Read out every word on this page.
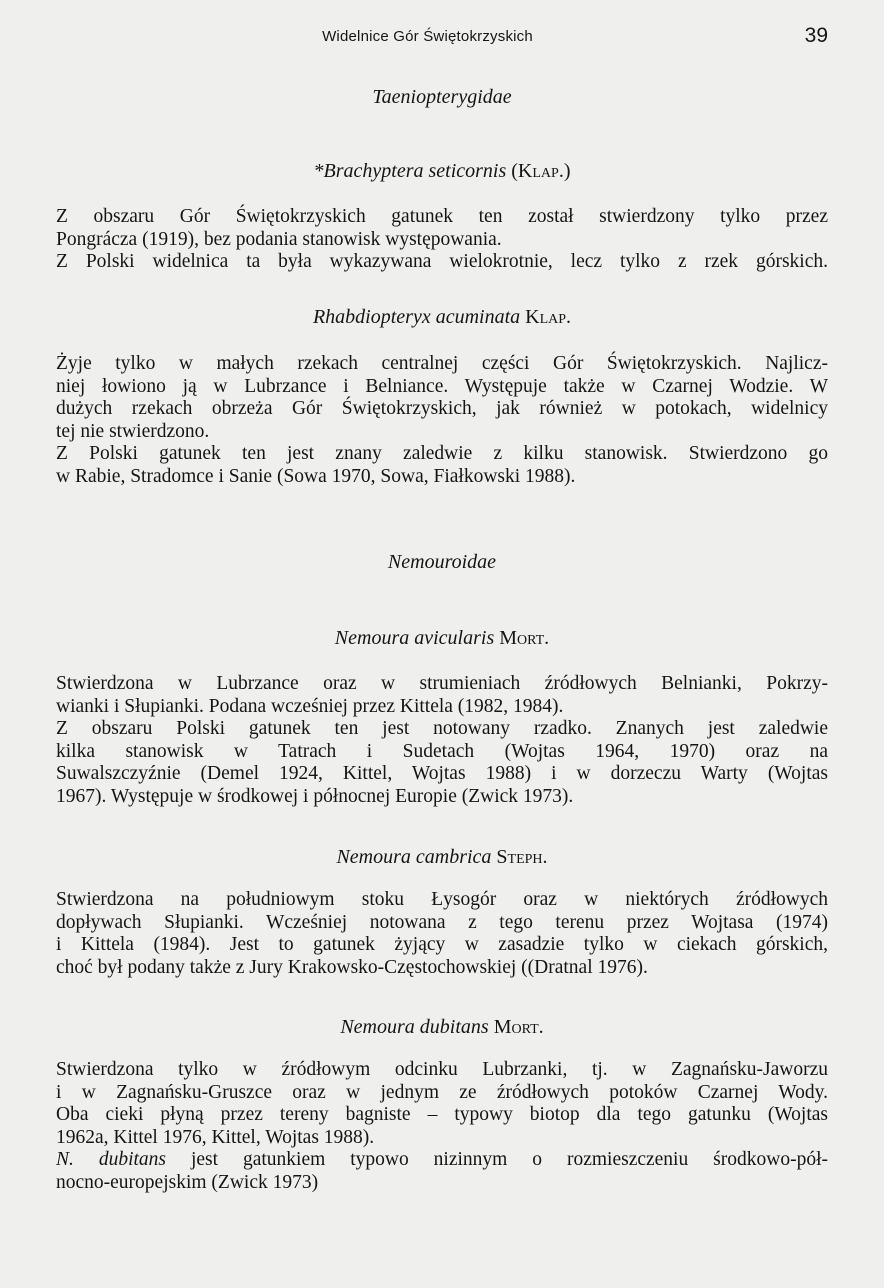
Widelnice Gór Świętokrzyskich	39
Taeniopterygidae
*Brachyptera seticornis (Klap.)
Z obszaru Gór Świętokrzyskich gatunek ten został stwierdzony tylko przez
Pongrácza (1919), bez podania stanowisk występowania.
Z Polski widelnica ta była wykazywana wielokrotnie, lecz tylko z rzek górskich.
Rhabdiopteryx acuminata Klap.
Żyje tylko w małych rzekach centralnej części Gór Świętokrzyskich. Najlicz-
niej łowiono ją w Lubrzance i Belniance. Występuje także w Czarnej Wodzie. W
dużych rzekach obrzeża Gór Świętokrzyskich, jak również w potokach, widelnicy
tej nie stwierdzono.
Z Polski gatunek ten jest znany zaledwie z kilku stanowisk. Stwierdzono go
w Rabie, Stradomce i Sanie (Sowa 1970, Sowa, Fiałkowski 1988).
Nemouroidae
Nemoura avicularis Mort.
Stwierdzona w Lubrzance oraz w strumieniach źródłowych Belnianki, Pokrzy-
wianki i Słupianki. Podana wcześniej przez Kittela (1982, 1984).
Z obszaru Polski gatunek ten jest notowany rzadko. Znanych jest zaledwie
kilka stanowisk w Tatrach i Sudetach (Wojtas 1964, 1970) oraz na
Suwalszczyźnie (Demel 1924, Kittel, Wojtas 1988) i w dorzeczu Warty (Wojtas
1967). Występuje w środkowej i północnej Europie (Zwick 1973).
Nemoura cambrica Steph.
Stwierdzona na południowym stoku Łysogór oraz w niektórych źródłowych
dopływach Słupianki. Wcześniej notowana z tego terenu przez Wojtasa (1974)
i Kittela (1984). Jest to gatunek żyjący w zasadzie tylko w ciekach górskich,
choć był podany także z Jury Krakowsko-Częstochowskiej ((Dratnal 1976).
Nemoura dubitans Mort.
Stwierdzona tylko w źródłowym odcinku Lubrzanki, tj. w Zagnańsku-Jaworzu
i w Zagnańsku-Gruszce oraz w jednym ze źródłowych potoków Czarnej Wody.
Oba cieki płyną przez tereny bagniste – typowy biotop dla tego gatunku (Wojtas
1962a, Kittel 1976, Kittel, Wojtas 1988).
N. dubitans jest gatunkiem typowo nizinnym o rozmieszczeniu środkowo-pół-
nocno-europejskim (Zwick 1973)
